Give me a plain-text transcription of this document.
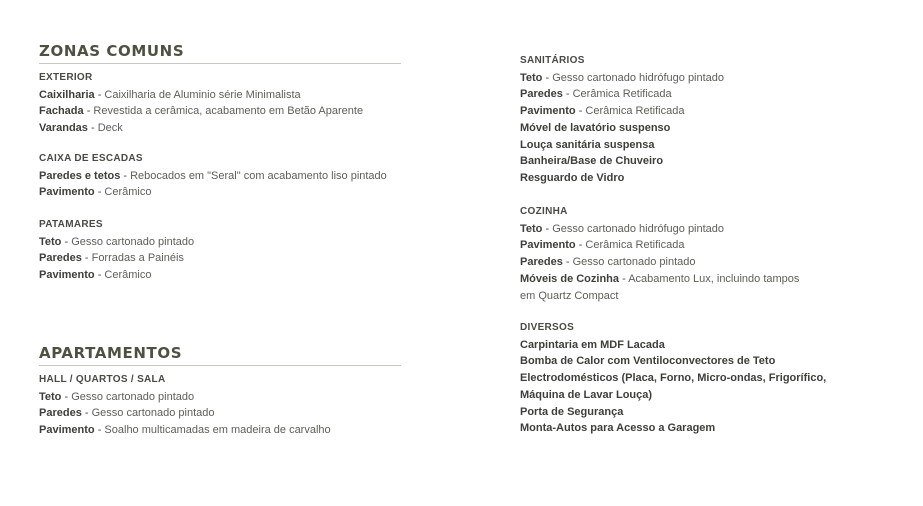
ZONAS COMUNS

EXTERIOR

Caixilharia - Caixilharia de Aluminio série Minimalista

Fachada - Revestida a cerâmica, acabamento em Betão Aparente

Varandas - Deck

CAIXA DE ESCADAS

Paredes e tetos - Rebocados em "Seral" com acabamento liso pintado

Pavimento - Cerâmico

PATAMARES

Teto - Gesso cartonado pintado

Paredes - Forradas a Painéis

Pavimento - Cerâmico

APARTAMENTOS

HALL / QUARTOS / SALA

Teto - Gesso cartonado pintado

Paredes - Gesso cartonado pintado

Pavimento - Soalho multicamadas em madeira de carvalho

SANITÁRIOS

Teto - Gesso cartonado hidrófugo pintado

Paredes - Cerâmica Retificada

Pavimento - Cerâmica Retificada

Móvel de lavatório suspenso

Louça sanitária suspensa

Banheira/Base de Chuveiro

Resguardo de Vidro

COZINHA

Teto - Gesso cartonado hidrófugo pintado

Pavimento - Cerâmica Retificada

Paredes - Gesso cartonado pintado

Móveis de Cozinha - Acabamento Lux, incluindo tampos

em Quartz Compact

DIVERSOS

Carpintaria em MDF Lacada

Bomba de Calor com Ventiloconvectores de Teto

Electrodomésticos (Placa, Forno, Micro-ondas, Frigorífico,

Máquina de Lavar Louça)

Porta de Segurança

Monta-Autos para Acesso a Garagem
